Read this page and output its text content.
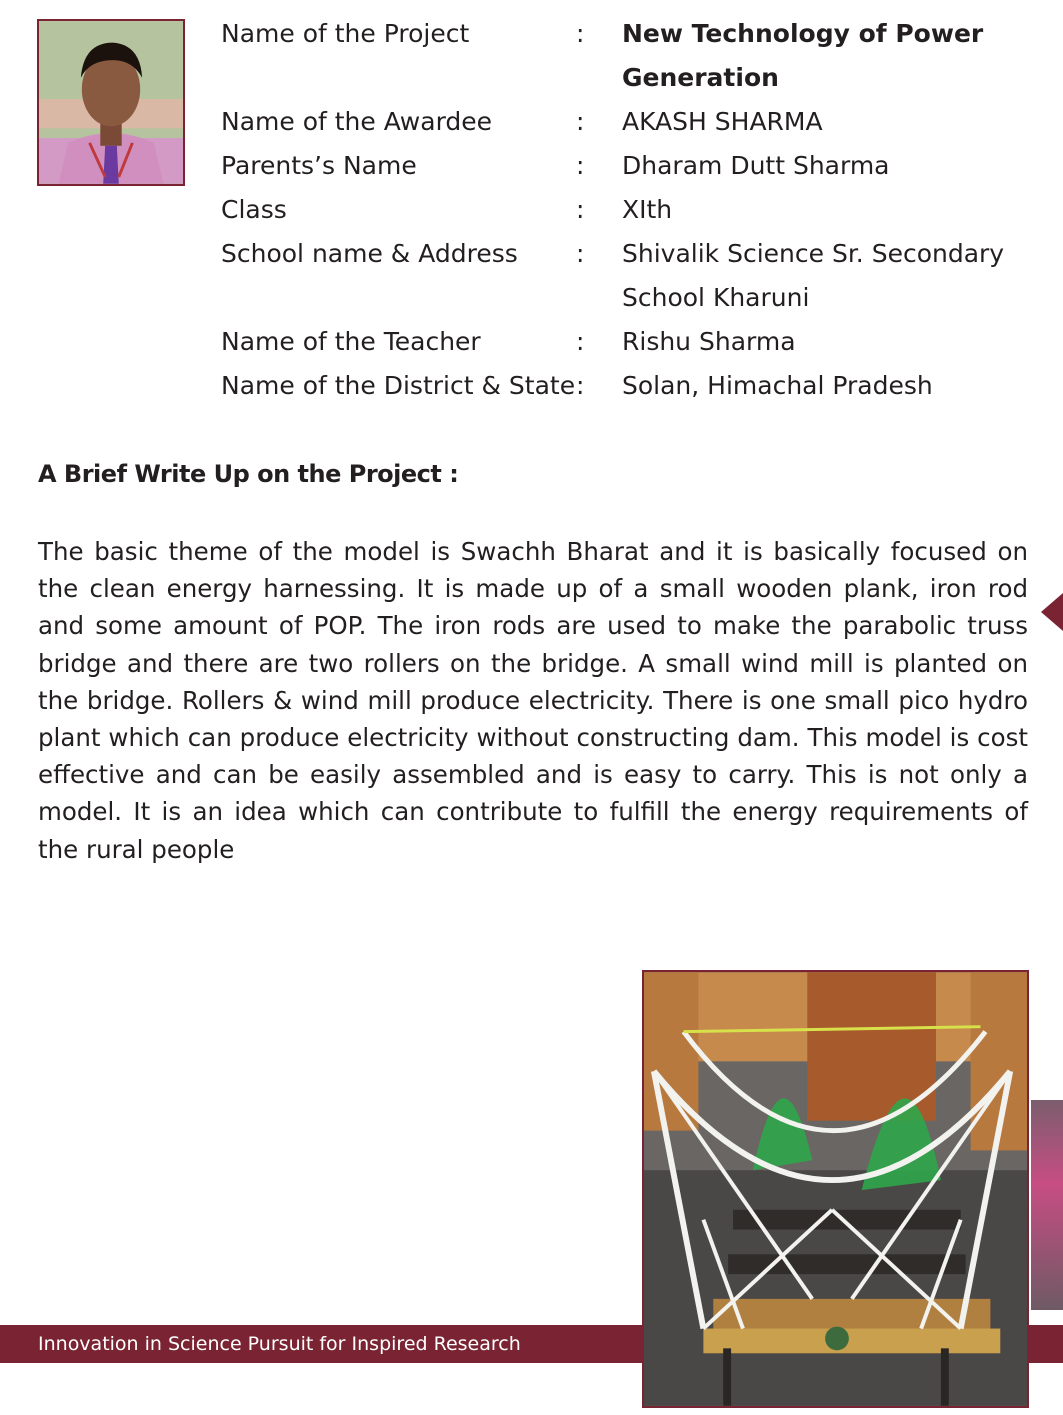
Name of the Project	: New Technology of Power Generation
Name of the Awardee	: AKASH SHARMA
Parents’s Name	: Dharam Dutt Sharma
Class	: XIth
School name & Address : Shivalik Science Sr. Secondary School Kharuni
Name of the Teacher	: Rishu Sharma
Name of the District & State : Solan, Himachal Pradesh
A Brief Write Up on the Project :
The basic theme of the model is Swachh Bharat and it is basically focused on the clean energy harnessing. It is made up of a small wooden plank, iron rod and some amount of POP. The iron rods are used to make the parabolic truss bridge and there are two rollers on the bridge. A small wind mill is planted on the bridge. Rollers & wind mill produce electricity. There is one small pico hydro plant which can produce electricity without constructing dam. This model is cost effective and can be easily assembled and is easy to carry. This is not only a model. It is an idea which can contribute to fulfill the energy requirements of the rural people
Innovation in Science Pursuit for Inspired Research
